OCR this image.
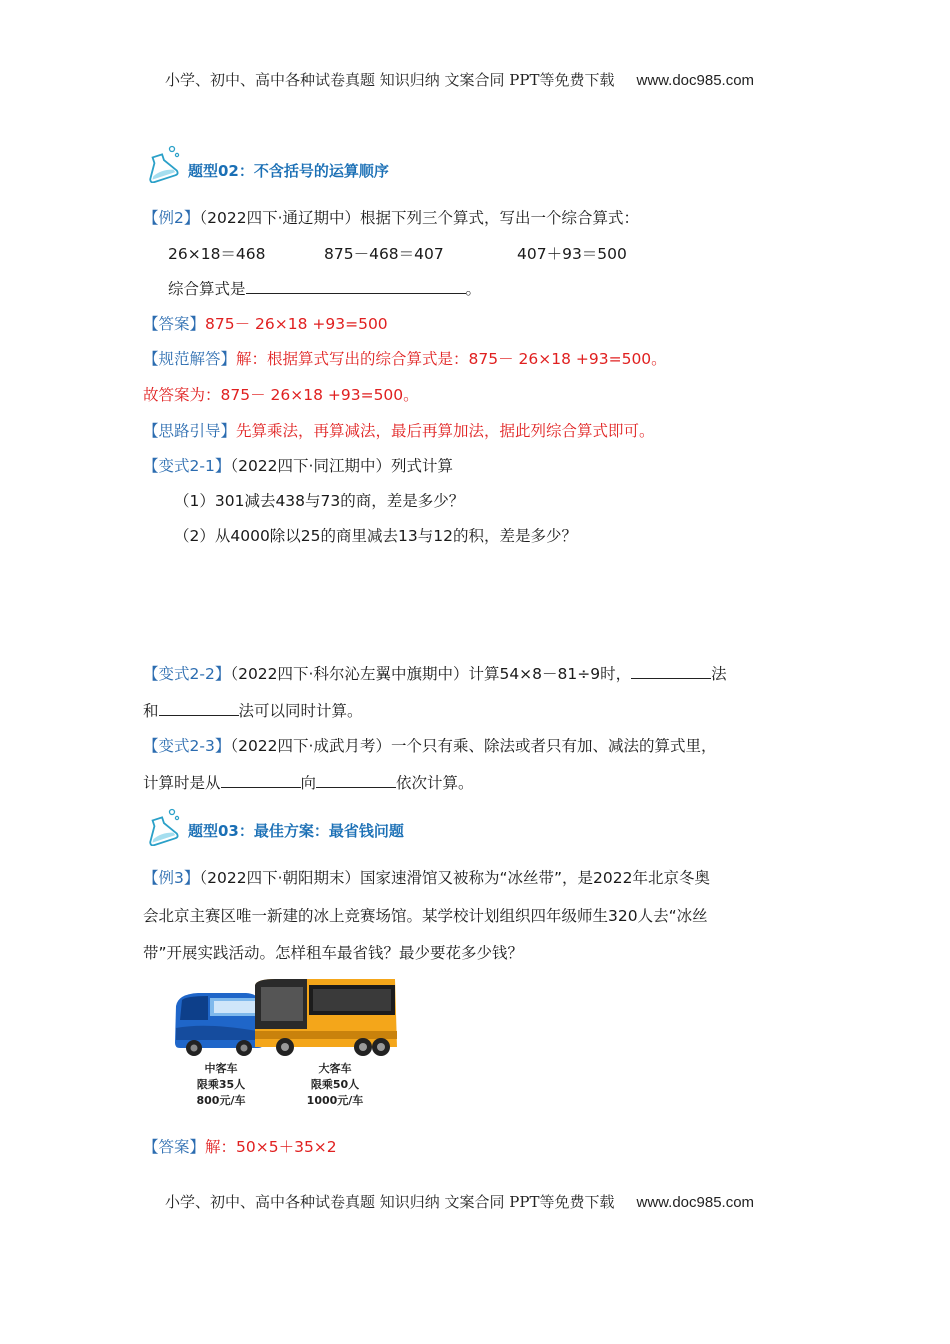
小学、初中、高中各种试卷真题 知识归纳 文案合同 PPT等免费下载 www.doc985.com
题型02：不含括号的运算顺序
【例2】（2022四下·通辽期中）根据下列三个算式，写出一个综合算式：
26×18＝468	875－468＝407	407＋93＝500
综合算式是	。
【答案】875－ 26×18 +93=500
【规范解答】解：根据算式写出的综合算式是：875－ 26×18 +93=500。
故答案为：875－ 26×18 +93=500。
【思路引导】先算乘法，再算减法，最后再算加法，据此列综合算式即可。
【变式2-1】（2022四下·同江期中）列式计算
（1）301减去438与73的商，差是多少？
（2）从4000除以25的商里减去13与12的积，差是多少？
【变式2-2】（2022四下·科尔沁左翼中旗期中）计算54×8－81÷9时，	法
和	法可以同时计算。
【变式2-3】（2022四下·成武月考）一个只有乘、除法或者只有加、减法的算式里，
计算时是从	向	依次计算。
题型03：最佳方案：最省钱问题
【例3】（2022四下·朝阳期末）国家速滑馆又被称为“冰丝带”，是2022年北京冬奥
会北京主赛区唯一新建的冰上竞赛场馆。某学校计划组织四年级师生320人去“冰丝
带”开展实践活动。怎样租车最省钱？最少要花多少钱？
中客车
限乘35人
800元/车
大客车
限乘50人
1000元/车
【答案】解：50×5＋35×2
小学、初中、高中各种试卷真题 知识归纳 文案合同 PPT等免费下载 www.doc985.com
